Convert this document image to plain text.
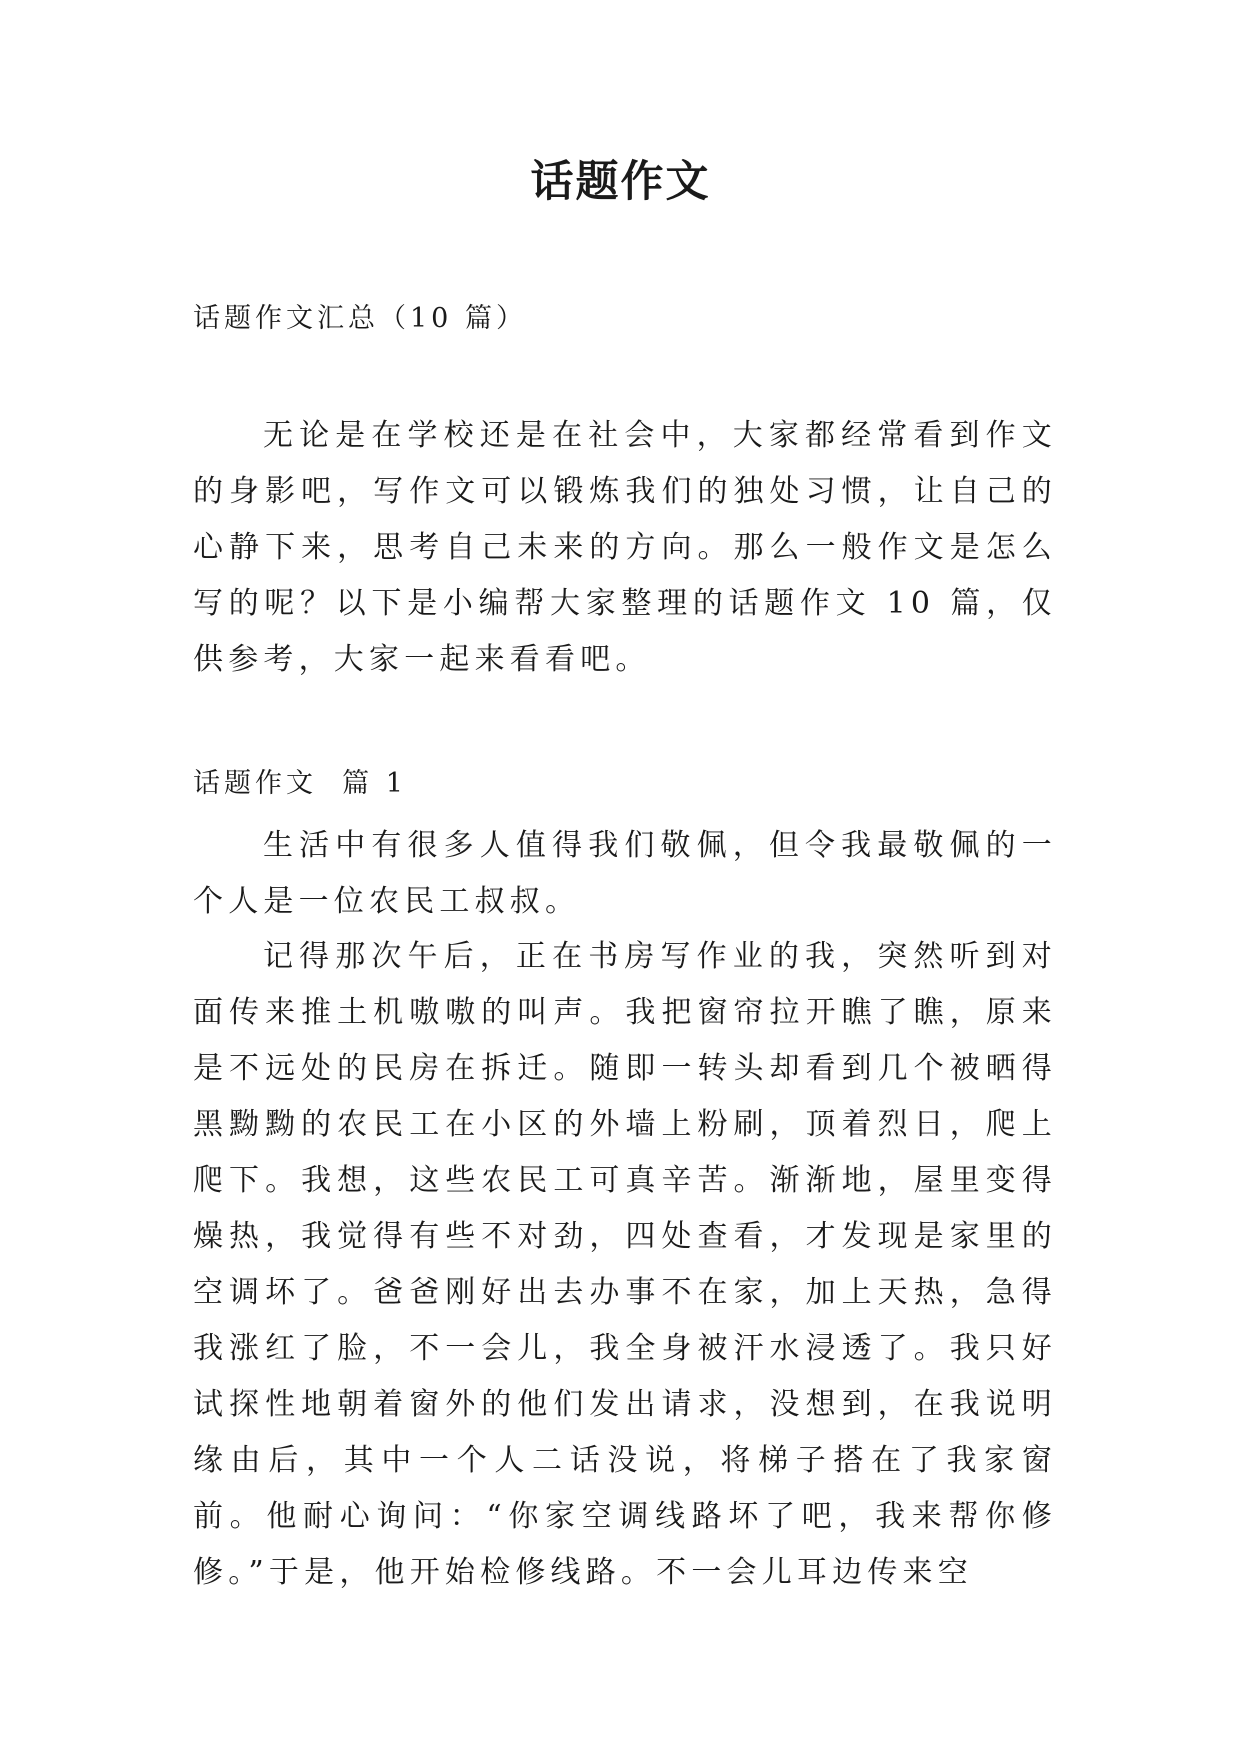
话题作文

话题作文汇总（10 篇）

无论是在学校还是在社会中，大家都经常看到作文的身影吧，写作文可以锻炼我们的独处习惯，让自己的心静下来，思考自己未来的方向。那么一般作文是怎么写的呢？以下是小编帮大家整理的话题作文 10 篇，仅供参考，大家一起来看看吧。

话题作文  篇 1

生活中有很多人值得我们敬佩，但令我最敬佩的一个人是一位农民工叔叔。

记得那次午后，正在书房写作业的我，突然听到对面传来推土机嗷嗷的叫声。我把窗帘拉开瞧了瞧，原来是不远处的民房在拆迁。随即一转头却看到几个被晒得黑黝黝的农民工在小区的外墙上粉刷，顶着烈日，爬上爬下。我想，这些农民工可真辛苦。渐渐地，屋里变得燥热，我觉得有些不对劲，四处查看，才发现是家里的空调坏了。爸爸刚好出去办事不在家，加上天热，急得我涨红了脸，不一会儿，我全身被汗水浸透了。我只好试探性地朝着窗外的他们发出请求，没想到，在我说明缘由后，其中一个人二话没说，将梯子搭在了我家窗前。他耐心询问：“你家空调线路坏了吧，我来帮你修修。”于是，他开始检修线路。不一会儿耳边传来空
